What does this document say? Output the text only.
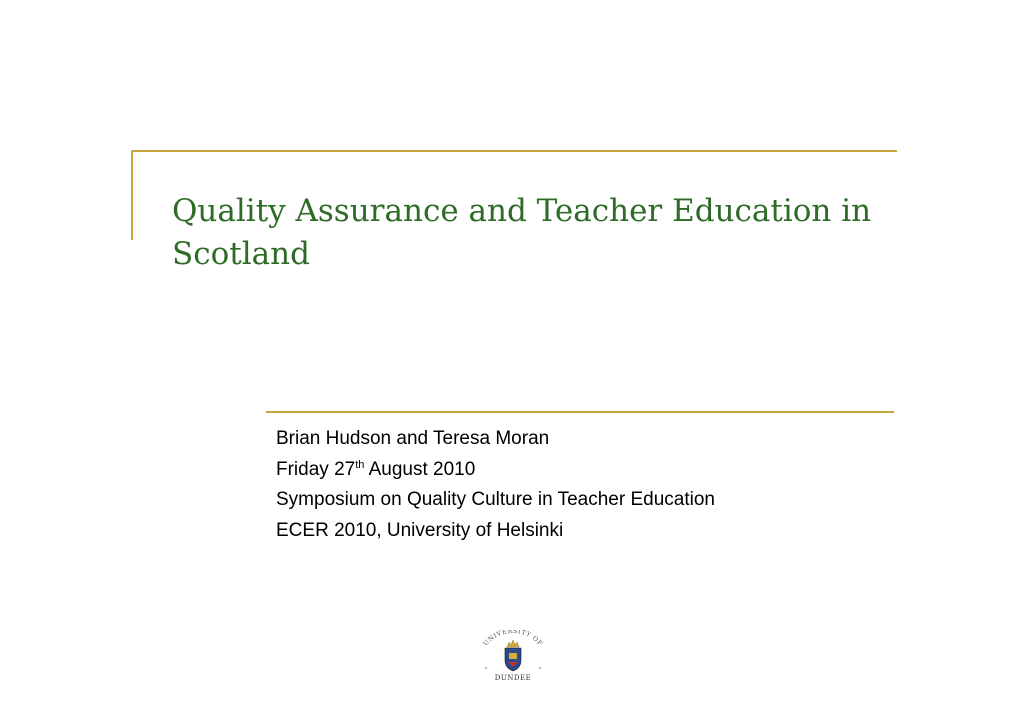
Quality Assurance and Teacher Education in Scotland
Brian Hudson and Teresa Moran
Friday 27th August 2010
Symposium on Quality Culture in Teacher Education
ECER 2010, University of Helsinki
UNIVERSITY OF
DUNDEE
